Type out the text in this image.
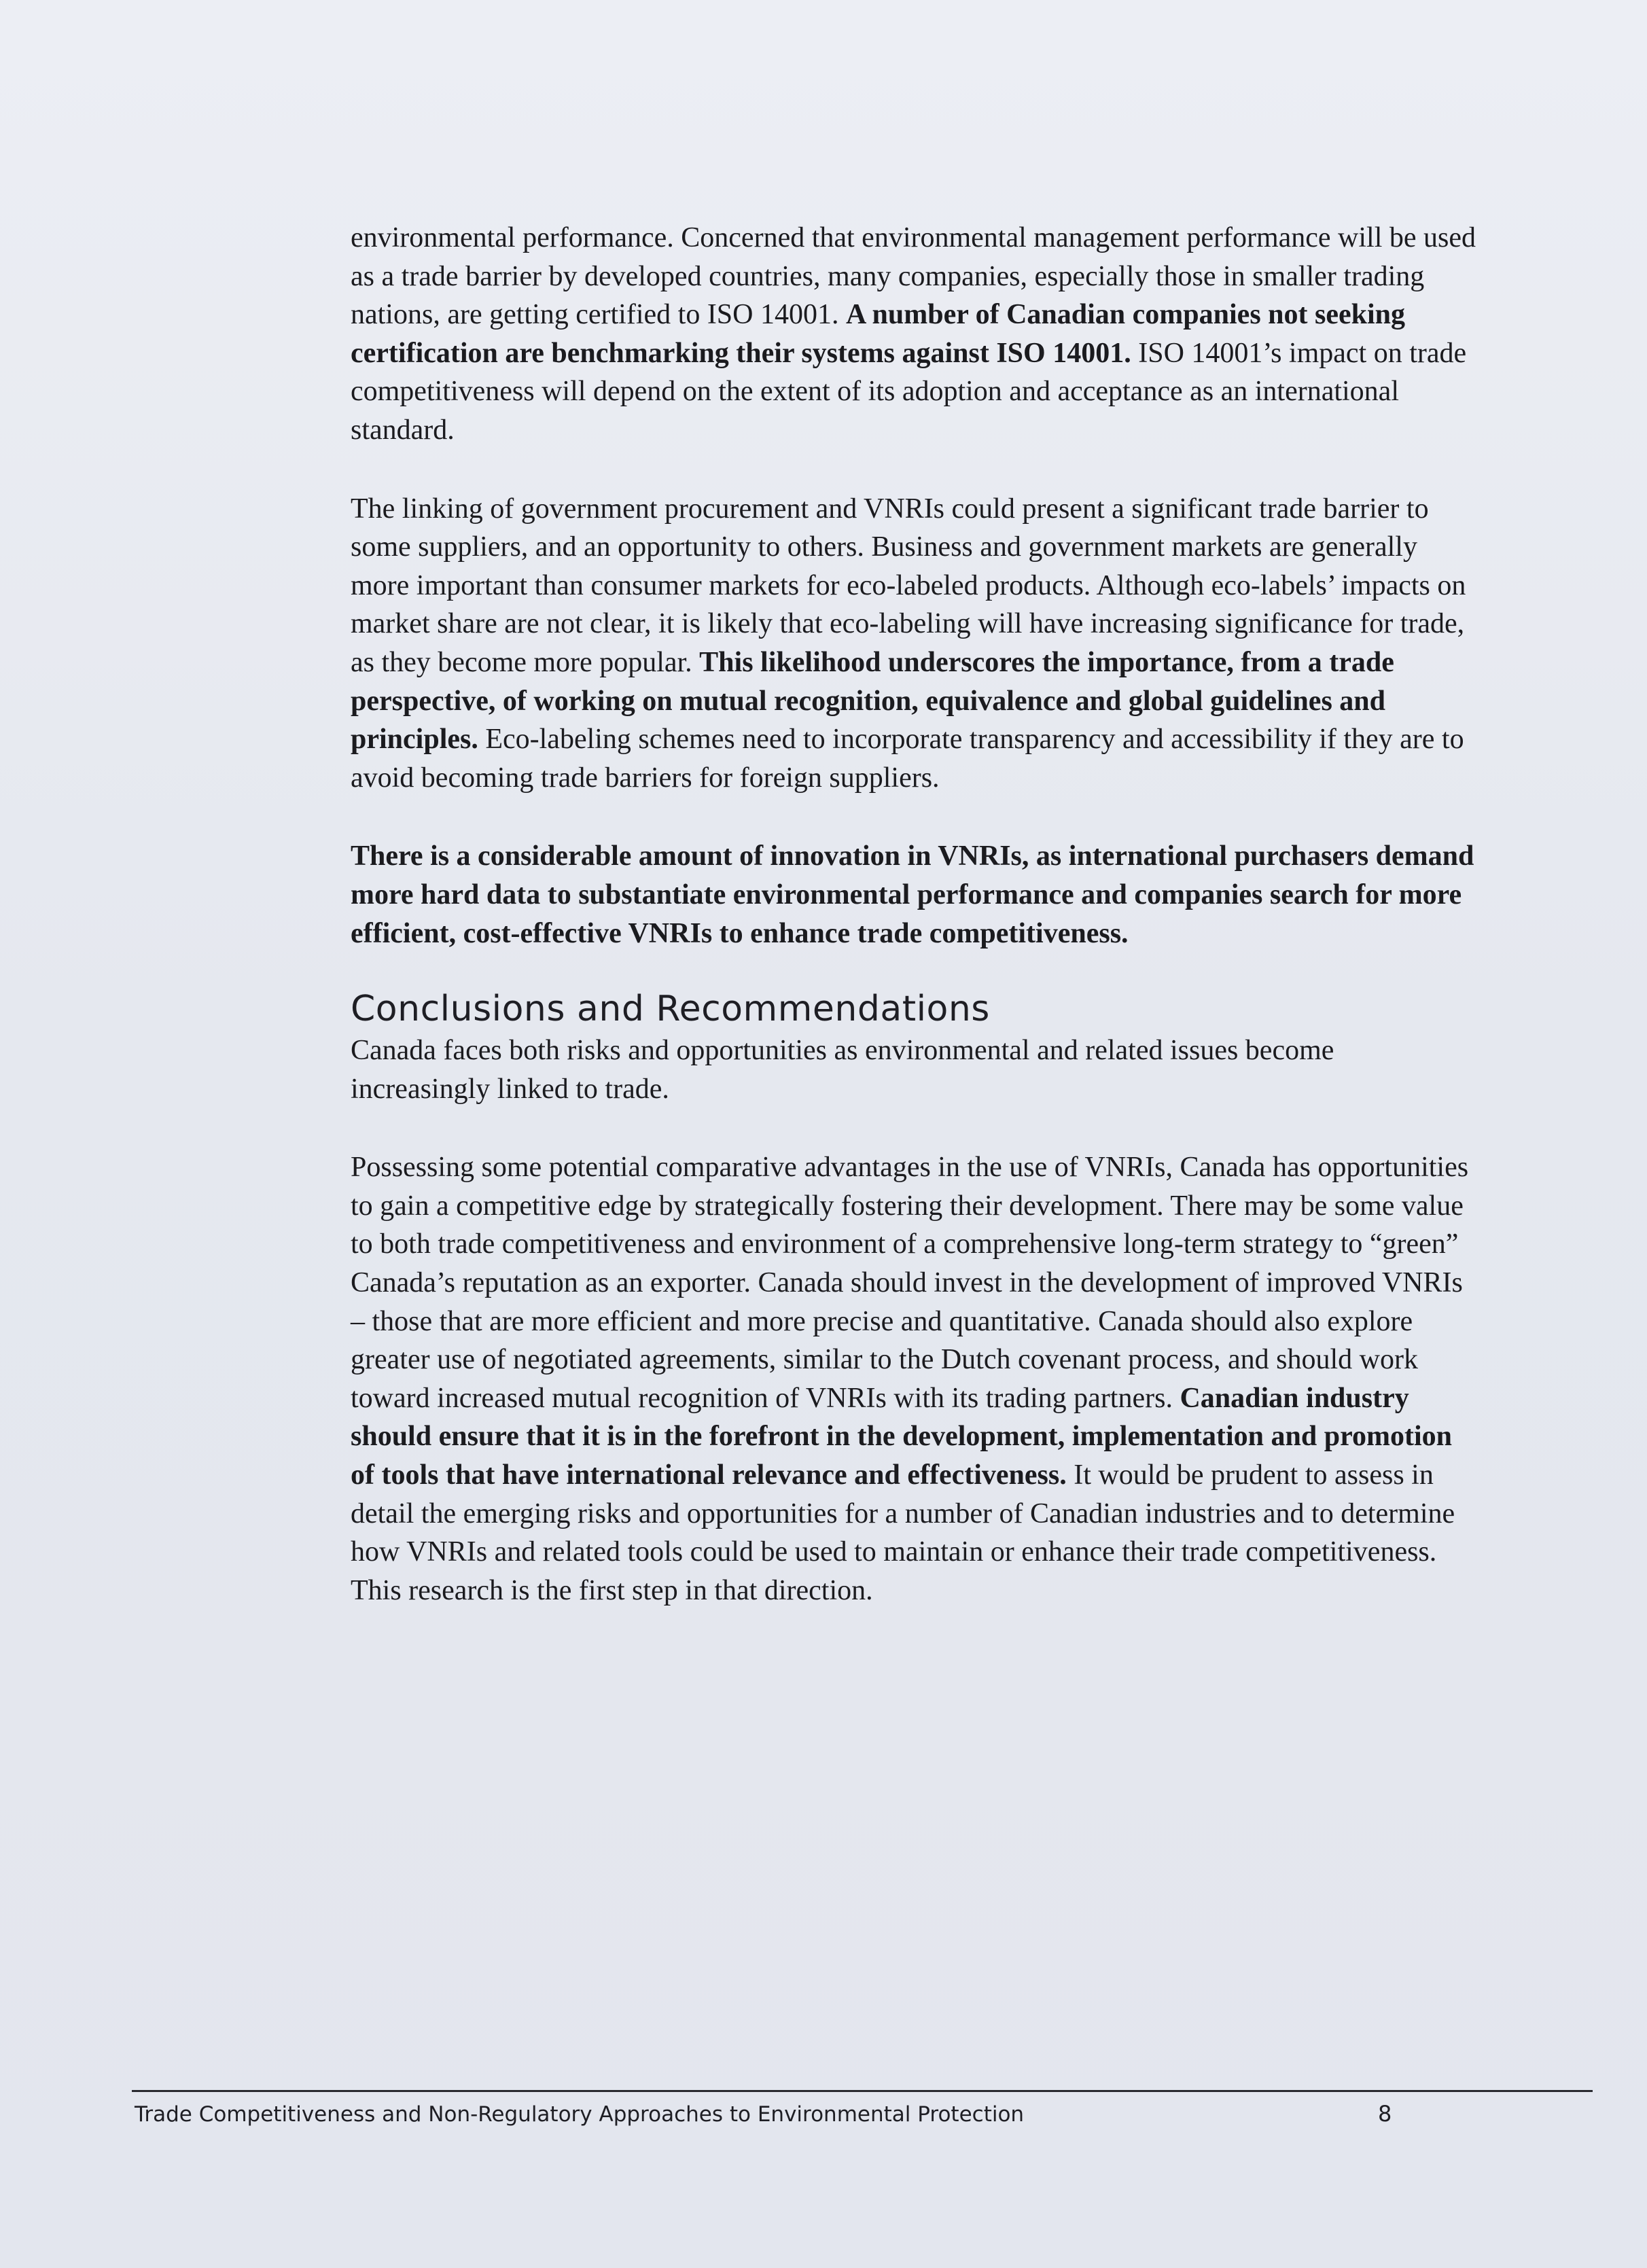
environmental performance. Concerned that environmental management performance will be used as a trade barrier by developed countries, many companies, especially those in smaller trading nations, are getting certified to ISO 14001. A number of Canadian companies not seeking certification are benchmarking their systems against ISO 14001. ISO 14001’s impact on trade competitiveness will depend on the extent of its adoption and acceptance as an international standard.

The linking of government procurement and VNRIs could present a significant trade barrier to some suppliers, and an opportunity to others. Business and government markets are generally more important than consumer markets for eco-labeled products. Although eco-labels’ impacts on market share are not clear, it is likely that eco-labeling will have increasing significance for trade, as they become more popular. This likelihood underscores the importance, from a trade perspective, of working on mutual recognition, equivalence and global guidelines and principles. Eco-labeling schemes need to incorporate transparency and accessibility if they are to avoid becoming trade barriers for foreign suppliers.

There is a considerable amount of innovation in VNRIs, as international purchasers demand more hard data to substantiate environmental performance and companies search for more efficient, cost-effective VNRIs to enhance trade competitiveness.

Conclusions and Recommendations

Canada faces both risks and opportunities as environmental and related issues become increasingly linked to trade.

Possessing some potential comparative advantages in the use of VNRIs, Canada has opportunities to gain a competitive edge by strategically fostering their development. There may be some value to both trade competitiveness and environment of a comprehensive long-term strategy to “green” Canada’s reputation as an exporter. Canada should invest in the development of improved VNRIs – those that are more efficient and more precise and quantitative. Canada should also explore greater use of negotiated agreements, similar to the Dutch covenant process, and should work toward increased mutual recognition of VNRIs with its trading partners. Canadian industry should ensure that it is in the forefront in the development, implementation and promotion of tools that have international relevance and effectiveness. It would be prudent to assess in detail the emerging risks and opportunities for a number of Canadian industries and to determine how VNRIs and related tools could be used to maintain or enhance their trade competitiveness. This research is the first step in that direction.

Trade Competitiveness and Non-Regulatory Approaches to Environmental Protection	8
